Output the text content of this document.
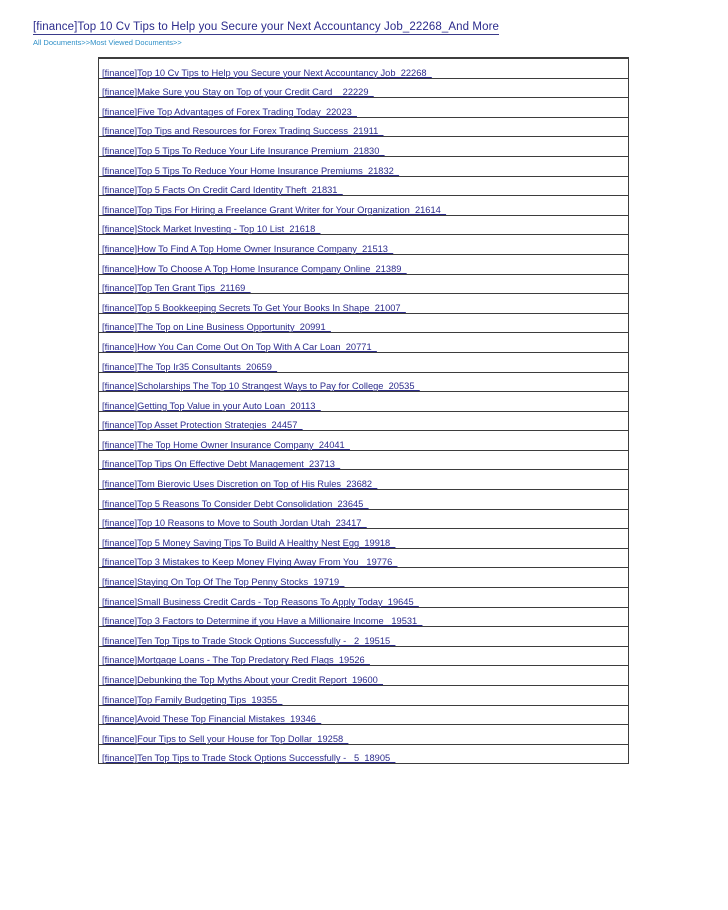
[finance]Top 10 Cv Tips to Help you Secure your Next Accountancy Job_22268_And More
All Documents>>Most Viewed Documents>>
[finance]Top 10 Cv Tips to Help you Secure your Next Accountancy Job_22268_
[finance]Make Sure you Stay on Top of your Credit Card__22229_
[finance]Five Top Advantages of Forex Trading Today_22023_
[finance]Top Tips and Resources for Forex Trading Success_21911_
[finance]Top 5 Tips To Reduce Your Life Insurance Premium_21830_
[finance]Top 5 Tips To Reduce Your Home Insurance Premiums_21832_
[finance]Top 5 Facts On Credit Card Identity Theft_21831_
[finance]Top Tips For Hiring a Freelance Grant Writer for Your Organization_21614_
[finance]Stock Market Investing - Top 10 List_21618_
[finance]How To Find A Top Home Owner Insurance Company_21513_
[finance]How To Choose A Top Home Insurance Company Online_21389_
[finance]Top Ten Grant Tips_21169_
[finance]Top 5 Bookkeeping Secrets To Get Your Books In Shape_21007_
[finance]The Top on Line Business Opportunity_20991_
[finance]How You Can Come Out On Top With A Car Loan_20771_
[finance]The Top Ir35 Consultants_20659_
[finance]Scholarships The Top 10 Strangest Ways to Pay for College_20535_
[finance]Getting Top Value in your Auto Loan_20113_
[finance]Top Asset Protection Strategies_24457_
[finance]The Top Home Owner Insurance Company_24041_
[finance]Top Tips On Effective Debt Management_23713_
[finance]Tom Bierovic Uses Discretion on Top of His Rules_23682_
[finance]Top 5 Reasons To Consider Debt Consolidation_23645_
[finance]Top 10 Reasons to Move to South Jordan Utah_23417_
[finance]Top 5 Money Saving Tips To Build A Healthy Nest Egg_19918_
[finance]Top 3 Mistakes to Keep Money Flying Away From You _19776_
[finance]Staying On Top Of The Top Penny Stocks_19719_
[finance]Small Business Credit Cards - Top Reasons To Apply Today_19645_
[finance]Top 3 Factors to Determine if you Have a Millionaire Income _19531_
[finance]Ten Top Tips to Trade Stock Options Successfully - _2_19515_
[finance]Mortgage Loans - The Top Predatory Red Flags_19526_
[finance]Debunking the Top Myths About your Credit Report_19600_
[finance]Top Family Budgeting Tips_19355_
[finance]Avoid These Top Financial Mistakes_19346_
[finance]Four Tips to Sell your House for Top Dollar_19258_
[finance]Ten Top Tips to Trade Stock Options Successfully - _5_18905_
